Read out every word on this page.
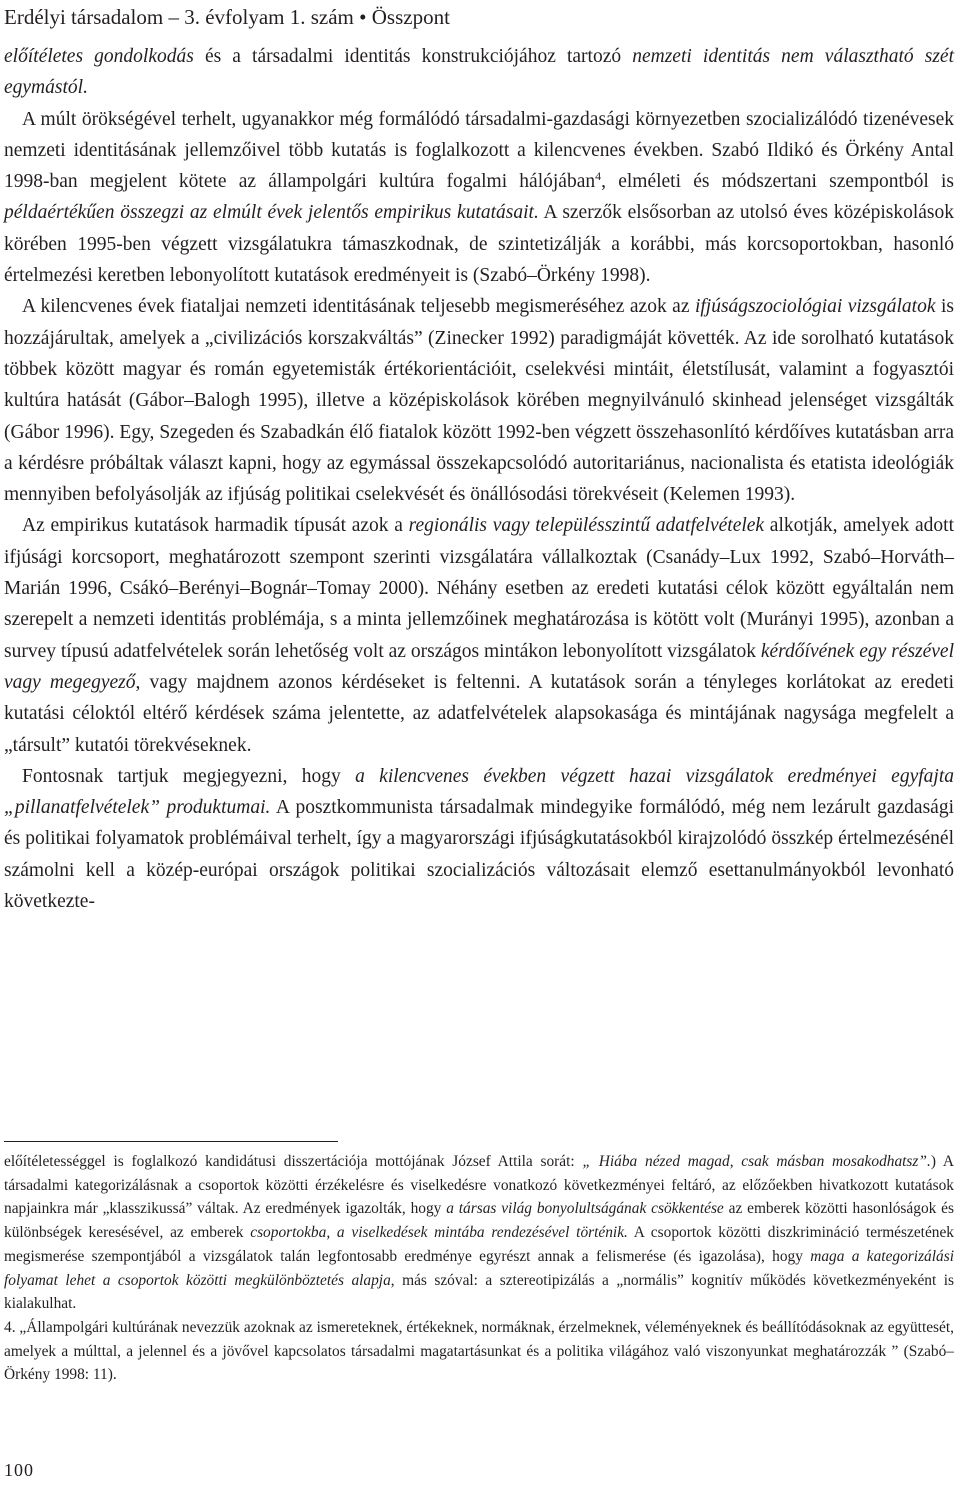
Erdélyi társadalom – 3. évfolyam 1. szám • Összpont

előítéletes gondolkodás és a társadalmi identitás konstrukciójához tartozó nemzeti identitás nem választható szét egymástól.

A múlt örökségével terhelt, ugyanakkor még formálódó társadalmi-gazdasági környezetben szocializálódó tizenévesek nemzeti identitásának jellemzőivel több kutatás is foglalkozott a kilencvenes években. Szabó Ildikó és Örkény Antal 1998-ban megjelent kötete az állampolgári kultúra fogalmi hálójában$^4$, elméleti és módszertani szempontból is példaértékűen összegzi az elmúlt évek jelentős empirikus kutatásait. A szerzők elsősorban az utolsó éves középiskolások körében 1995-ben végzett vizsgálatukra támaszkodnak, de szintetizálják a korábbi, más korcsoportokban, hasonló értelmezési keretben lebonyolított kutatások eredményeit is (Szabó–Örkény 1998).

A kilencvenes évek fiataljai nemzeti identitásának teljesebb megismeréséhez azok az ifjúságszociológiai vizsgálatok is hozzájárultak, amelyek a „civilizációs korszakváltás” (Zinecker 1992) paradigmáját követték. Az ide sorolható kutatások többek között magyar és román egyetemisták értékorientációit, cselekvési mintáit, életstílusát, valamint a fogyasztói kultúra hatását (Gábor–Balogh 1995), illetve a középiskolások körében megnyilvánuló skinhead jelenséget vizsgálták (Gábor 1996). Egy, Szegeden és Szabadkán élő fiatalok között 1992-ben végzett összehasonlító kérdőíves kutatásban arra a kérdésre próbáltak választ kapni, hogy az egymással összekapcsolódó autoritariánus, nacionalista és etatista ideológiák mennyiben befolyásolják az ifjúság politikai cselekvését és önállósodási törekvéseit (Kelemen 1993).

Az empirikus kutatások harmadik típusát azok a regionális vagy településszintű adatfelvételek alkotják, amelyek adott ifjúsági korcsoport, meghatározott szempont szerinti vizsgálatára vállalkoztak (Csanády–Lux 1992, Szabó–Horváth–Marián 1996, Csákó–Berényi–Bognár–Tomay 2000). Néhány esetben az eredeti kutatási célok között egyáltalán nem szerepelt a nemzeti identitás problémája, s a minta jellemzőinek meghatározása is kötött volt (Murányi 1995), azonban a survey típusú adatfelvételek során lehetőség volt az országos mintákon lebonyolított vizsgálatok kérdőívének egy részével vagy megegyező, vagy majdnem azonos kérdéseket is feltenni. A kutatások során a tényleges korlátokat az eredeti kutatási céloktól eltérő kérdések száma jelentette, az adatfelvételek alapsokasága és mintájának nagysága megfelelt a „társult” kutatói törekvéseknek.

Fontosnak tartjuk megjegyezni, hogy a kilencvenes években végzett hazai vizsgálatok eredményei egyfajta „pillanatfelvételek” produktumai. A posztkommunista társadalmak mindegyike formálódó, még nem lezárult gazdasági és politikai folyamatok problémáival terhelt, így a magyarországi ifjúságkutatásokból kirajzolódó összkép értelmezésénél számolni kell a közép-európai országok politikai szocializációs változásait elemző esettanulmányokból levonható következte-

előítéletességgel is foglalkozó kandidátusi disszertációja mottójának József Attila sorát: „ Hiába nézed magad, csak másban mosakodhatsz”.) A társadalmi kategorizálásnak a csoportok közötti érzékelésre és viselkedésre vonatkozó következményei feltáró, az előzőekben hivatkozott kutatások napjainkra már „klasszikussá” váltak. Az eredmények igazolták, hogy a társas világ bonyolultságának csökkentése az emberek közötti hasonlóságok és különbségek keresésével, az emberek csoportokba, a viselkedések mintába rendezésével történik. A csoportok közötti diszkrimináció természetének megismerése szempontjából a vizsgálatok talán legfontosabb eredménye egyrészt annak a felismerése (és igazolása), hogy maga a kategorizálási folyamat lehet a csoportok közötti megkülönböztetés alapja, más szóval: a sztereotipizálás a „normális” kognitív működés következményeként is kialakulhat.

4. „Állampolgári kultúrának nevezzük azoknak az ismereteknek, értékeknek, normáknak, érzelmeknek, véleményeknek és beállítódásoknak az együttesét, amelyek a múlttal, a jelennel és a jövővel kapcsolatos társadalmi magatartásunkat és a politika világához való viszonyunkat meghatározzák ” (Szabó–Örkény 1998: 11).

100
